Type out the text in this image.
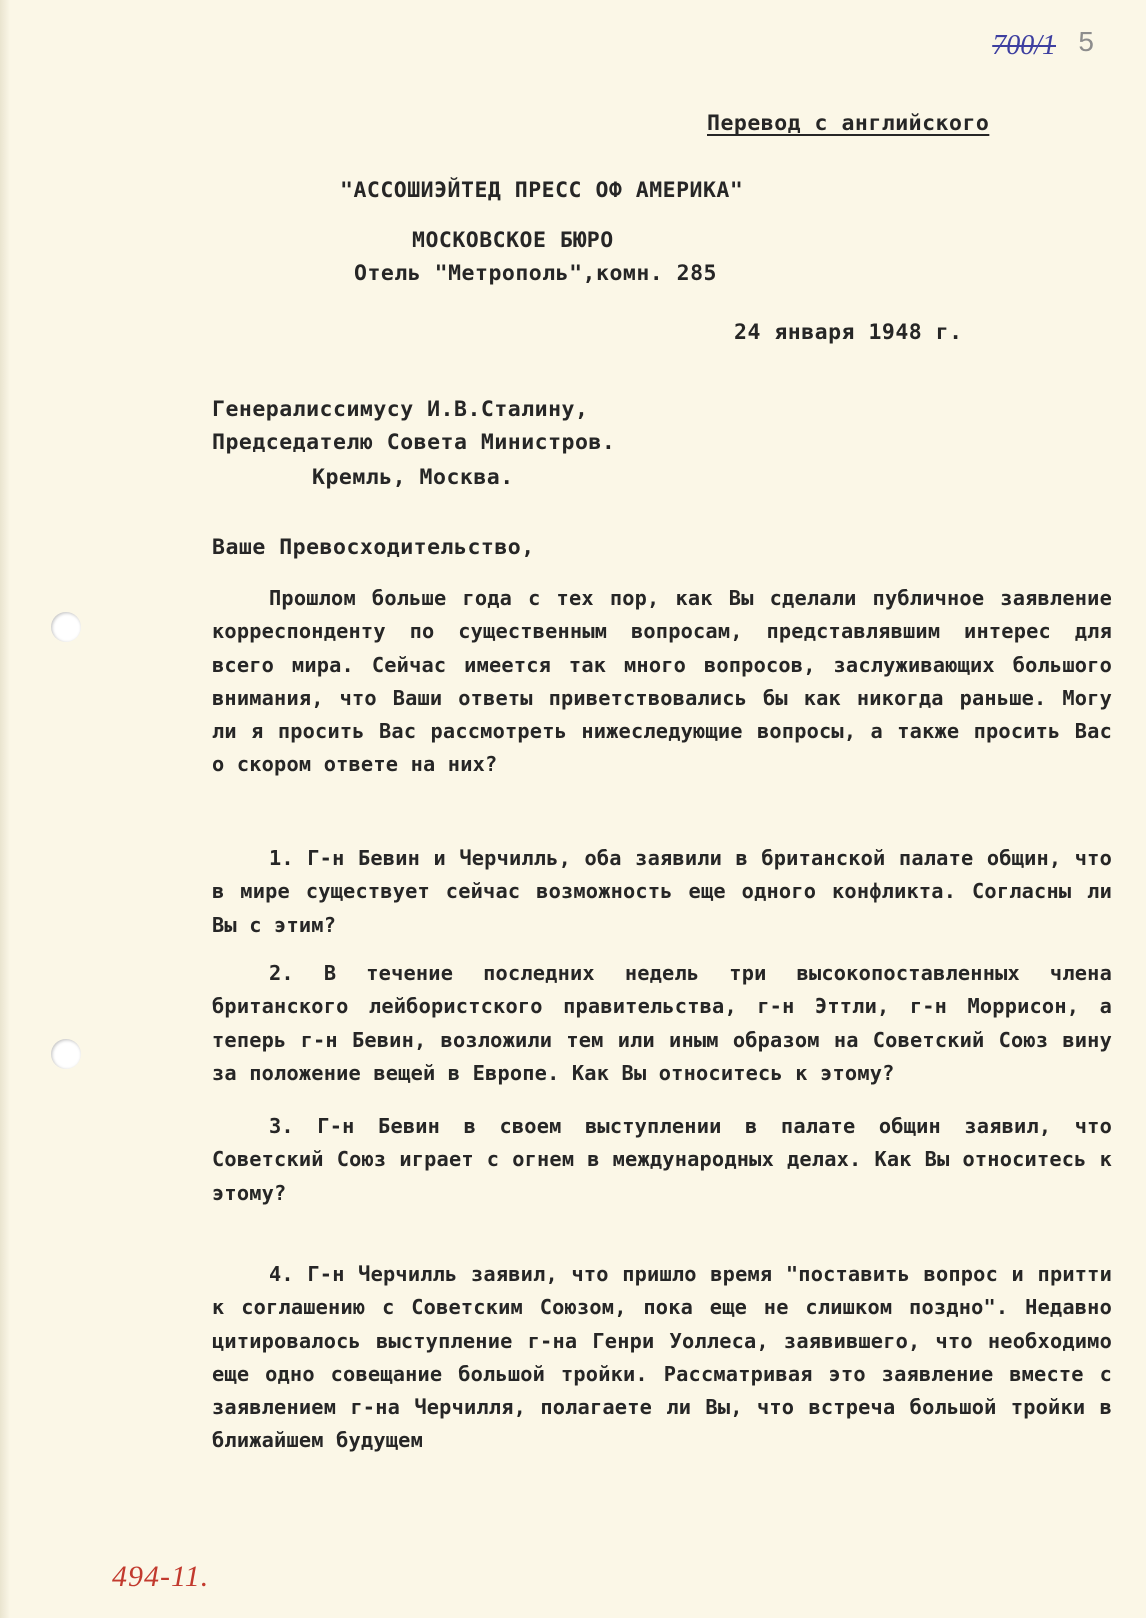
700/1 5
Перевод с английского
"АССОШИЭЙТЕД ПРЕСС ОФ АМЕРИКА"
МОСКОВСКОЕ БЮРО
Отель "Метрополь",комн. 285
24 января 1948 г.
Генералиссимусу И.В.Сталину,
Председателю Совета Министров.
Кремль, Москва.
Ваше Превосходительство,

Прошлом больше года с тех пор, как Вы сделали публичное заявление корреспонденту по существенным вопросам, представлявшим интерес для всего мира. Сейчас имеется так много вопросов, заслуживающих большого внимания, что Ваши ответы приветствовались бы как никогда раньше. Могу ли я просить Вас рассмотреть нижеследующие вопросы, а также просить Вас о скором ответе на них?

1. Г-н Бевин и Черчилль, оба заявили в британской палате общин, что в мире существует сейчас возможность еще одного конфликта. Согласны ли Вы с этим?

2. В течение последних недель три высокопоставленных члена британского лейбористского правительства, г-н Эттли, г-н Моррисон, а теперь г-н Бевин, возложили тем или иным образом на Советский Союз вину за положение вещей в Европе. Как Вы относитесь к этому?

3. Г-н Бевин в своем выступлении в палате общин заявил, что Советский Союз играет с огнем в международных делах. Как Вы относитесь к этому?

4. Г-н Черчилль заявил, что пришло время "поставить вопрос и притти к соглашению с Советским Союзом, пока еще не слишком поздно". Недавно цитировалось выступление г-на Генри Уоллеса, заявившего, что необходимо еще одно совещание большой тройки. Рассматривая это заявление вместе с заявлением г-на Черчилля, полагаете ли Вы, что встреча большой тройки в ближайшем будущем

494-11.
